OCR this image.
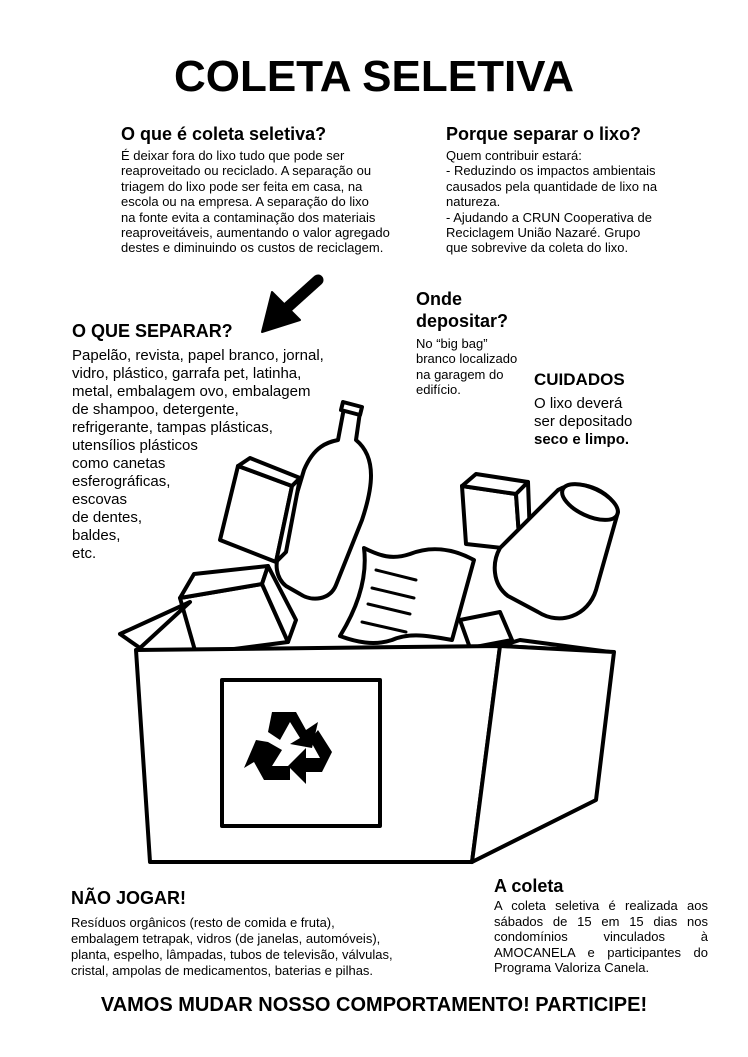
COLETA SELETIVA

O que é coleta seletiva?

É deixar fora do lixo tudo que pode ser
reaproveitado ou reciclado. A separação ou
triagem do lixo pode ser feita em casa, na
escola ou na empresa. A separação do lixo
na fonte evita a contaminação dos materiais
reaproveitáveis, aumentando o valor agregado
destes e diminuindo os custos de reciclagem.

Porque separar o lixo?

Quem contribuir estará:
- Reduzindo os impactos ambientais
causados pela quantidade de lixo na
natureza.
- Ajudando a CRUN Cooperativa de
Reciclagem União Nazaré. Grupo
que sobrevive da coleta do lixo.

O QUE SEPARAR?

Papelão, revista, papel branco, jornal,
vidro, plástico, garrafa pet, latinha,
metal, embalagem ovo, embalagem
de shampoo, detergente,
refrigerante, tampas plásticas,
utensílios plásticos
como canetas
esferográficas,
escovas
de dentes,
baldes,
etc.
Onde
depositar?
No “big bag”
branco localizado
na garagem do
edifício.

CUIDADOS

O lixo deverá
ser depositado
seco e limpo.

NÃO JOGAR!

Resíduos orgânicos (resto de comida e fruta),
embalagem tetrapak, vidros (de janelas, automóveis),
planta, espelho, lâmpadas, tubos de televisão, válvulas,
cristal, ampolas de medicamentos, baterias e pilhas.

A coleta

A coleta seletiva é realizada aos
sábados de 15 em 15 dias nos
condomínios vinculados à
AMOCANELA e participantes do
Programa Valoriza Canela.
VAMOS MUDAR NOSSO COMPORTAMENTO! PARTICIPE!
